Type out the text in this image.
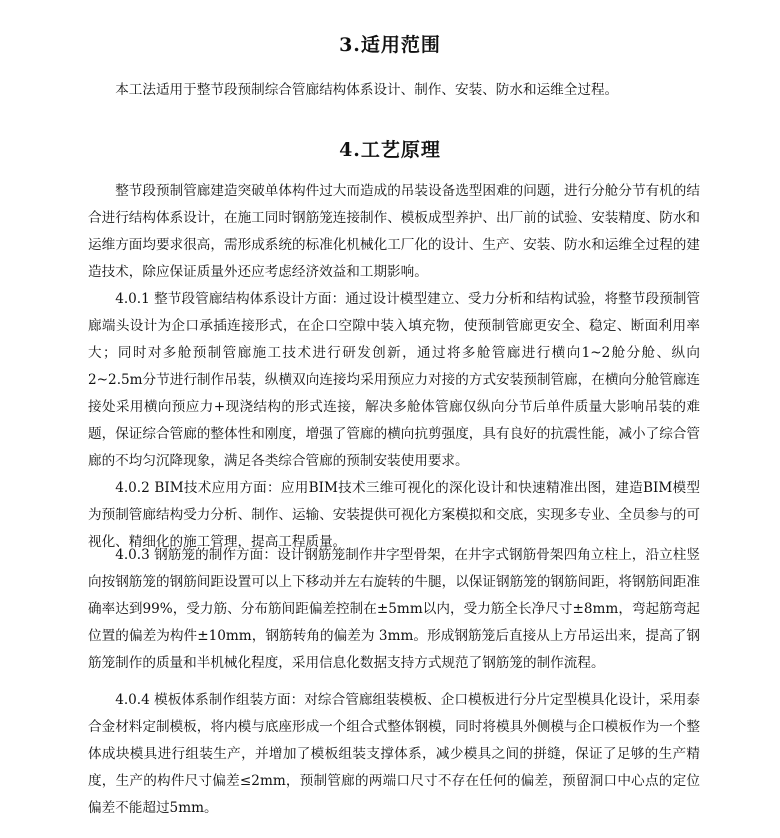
3.适用范围

本工法适用于整节段预制综合管廊结构体系设计、制作、安装、防水和运维全过程。

4.工艺原理

整节段预制管廊建造突破单体构件过大而造成的吊装设备选型困难的问题，进行分舱分节有机的结合进行结构体系设计，在施工同时钢筋笼连接制作、模板成型养护、出厂前的试验、安装精度、防水和运维方面均要求很高，需形成系统的标准化机械化工厂化的设计、生产、安装、防水和运维全过程的建造技术，除应保证质量外还应考虑经济效益和工期影响。

4.0.1 整节段管廊结构体系设计方面：通过设计模型建立、受力分析和结构试验，将整节段预制管廊端头设计为企口承插连接形式，在企口空隙中装入填充物，使预制管廊更安全、稳定、断面利用率大；同时对多舱预制管廊施工技术进行研发创新，通过将多舱管廊进行横向1~2舱分舱、纵向2~2.5m分节进行制作吊装，纵横双向连接均采用预应力对接的方式安装预制管廊，在横向分舱管廊连接处采用横向预应力+现浇结构的形式连接，解决多舱体管廊仅纵向分节后单件质量大影响吊装的难题，保证综合管廊的整体性和刚度，增强了管廊的横向抗剪强度，具有良好的抗震性能，减小了综合管廊的不均匀沉降现象，满足各类综合管廊的预制安装使用要求。

4.0.2 BIM技术应用方面：应用BIM技术三维可视化的深化设计和快速精准出图，建造BIM模型为预制管廊结构受力分析、制作、运输、安装提供可视化方案模拟和交底，实现多专业、全员参与的可视化、精细化的施工管理，提高工程质量。

4.0.3 钢筋笼的制作方面：设计钢筋笼制作井字型骨架，在井字式钢筋骨架四角立柱上，沿立柱竖向按钢筋笼的钢筋间距设置可以上下移动并左右旋转的牛腿，以保证钢筋笼的钢筋间距，将钢筋间距准确率达到99%，受力筋、分布筋间距偏差控制在±5mm以内，受力筋全长净尺寸±8mm，弯起筋弯起位置的偏差为构件±10mm，钢筋转角的偏差为 3mm。形成钢筋笼后直接从上方吊运出来，提高了钢筋笼制作的质量和半机械化程度，采用信息化数据支持方式规范了钢筋笼的制作流程。

4.0.4 模板体系制作组装方面：对综合管廊组装模板、企口模板进行分片定型模具化设计，采用泰合金材料定制模板，将内模与底座形成一个组合式整体钢模，同时将模具外侧模与企口模板作为一个整体成块模具进行组装生产，并增加了模板组装支撑体系，减少模具之间的拼缝，保证了足够的生产精度，生产的构件尺寸偏差≤2mm，预制管廊的两端口尺寸不存在任何的偏差，预留洞口中心点的定位偏差不能超过5mm。
